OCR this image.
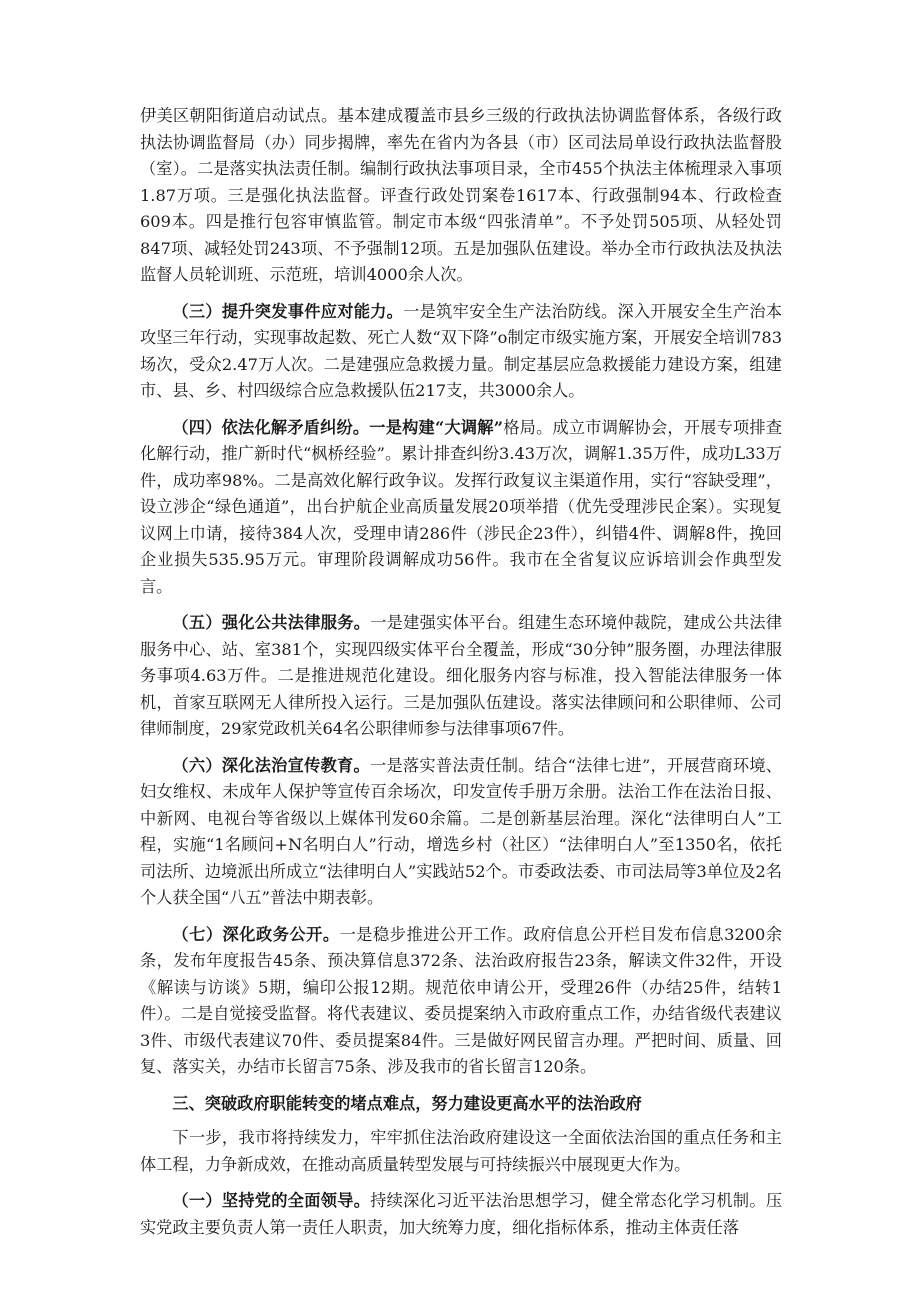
伊美区朝阳街道启动试点。基本建成覆盖市县乡三级的行政执法协调监督体系，各级行政执法协调监督局（办）同步揭牌，率先在省内为各县（市）区司法局单设行政执法监督股（室）。二是落实执法责任制。编制行政执法事项目录，全市455个执法主体梳理录入事项1.87万项。三是强化执法监督。评查行政处罚案卷1617本、行政强制94本、行政检查609本。四是推行包容审慎监管。制定市本级“四张清单”。不予处罚505项、从轻处罚847项、减轻处罚243项、不予强制12项。五是加强队伍建设。举办全市行政执法及执法监督人员轮训班、示范班，培训4000余人次。

（三）提升突发事件应对能力。一是筑牢安全生产法治防线。深入开展安全生产治本攻坚三年行动，实现事故起数、死亡人数“双下降”o制定市级实施方案，开展安全培训783场次，受众2.47万人次。二是建强应急救援力量。制定基层应急救援能力建设方案，组建市、县、乡、村四级综合应急救援队伍217支，共3000余人。

（四）依法化解矛盾纠纷。一是构建“大调解”格局。成立市调解协会，开展专项排查化解行动，推广新时代“枫桥经验”。累计排查纠纷3.43万次，调解1.35万件，成功L33万件，成功率98%。二是高效化解行政争议。发挥行政复议主渠道作用，实行“容缺受理”，设立涉企“绿色通道”，出台护航企业高质量发展20项举措（优先受理涉民企案）。实现复议网上巾请，接待384人次，受理申请286件（涉民企23件），纠错4件、调解8件，挽回企业损失535.95万元。审理阶段调解成功56件。我市在全省复议应诉培训会作典型发言。

（五）强化公共法律服务。一是建强实体平台。组建生态环境仲裁院，建成公共法律服务中心、站、室381个，实现四级实体平台全覆盖，形成“30分钟”服务圈，办理法律服务事项4.63万件。二是推进规范化建设。细化服务内容与标准，投入智能法律服务一体机，首家互联网无人律所投入运行。三是加强队伍建设。落实法律顾问和公职律师、公司律师制度，29家党政机关64名公职律师参与法律事项67件。

（六）深化法治宣传教育。一是落实普法责任制。结合“法律七进”，开展营商环境、妇女维权、未成年人保护等宣传百余场次，印发宣传手册万余册。法治工作在法治日报、中新网、电视台等省级以上媒体刊发60余篇。二是创新基层治理。深化“法律明白人”工程，实施“1名顾问+N名明白人”行动，增选乡村（社区）“法律明白人”至1350名，依托司法所、边境派出所成立“法律明白人”实践站52个。市委政法委、市司法局等3单位及2名个人获全国“八五”普法中期表彰。

（七）深化政务公开。一是稳步推进公开工作。政府信息公开栏目发布信息3200余条，发布年度报告45条、预决算信息372条、法治政府报告23条，解读文件32件，开设《解读与访谈》5期，编印公报12期。规范依申请公开，受理26件（办结25件，结转1件）。二是自觉接受监督。将代表建议、委员提案纳入市政府重点工作，办结省级代表建议3件、市级代表建议70件、委员提案84件。三是做好网民留言办理。严把时间、质量、回复、落实关，办结市长留言75条、涉及我市的省长留言120条。

三、突破政府职能转变的堵点难点，努力建设更高水平的法治政府

下一步，我市将持续发力，牢牢抓住法治政府建设这一全面依法治国的重点任务和主体工程，力争新成效，在推动高质量转型发展与可持续振兴中展现更大作为。

（一）坚持党的全面领导。持续深化习近平法治思想学习，健全常态化学习机制。压实党政主要负责人第一责任人职责，加大统筹力度，细化指标体系，推动主体责任落
